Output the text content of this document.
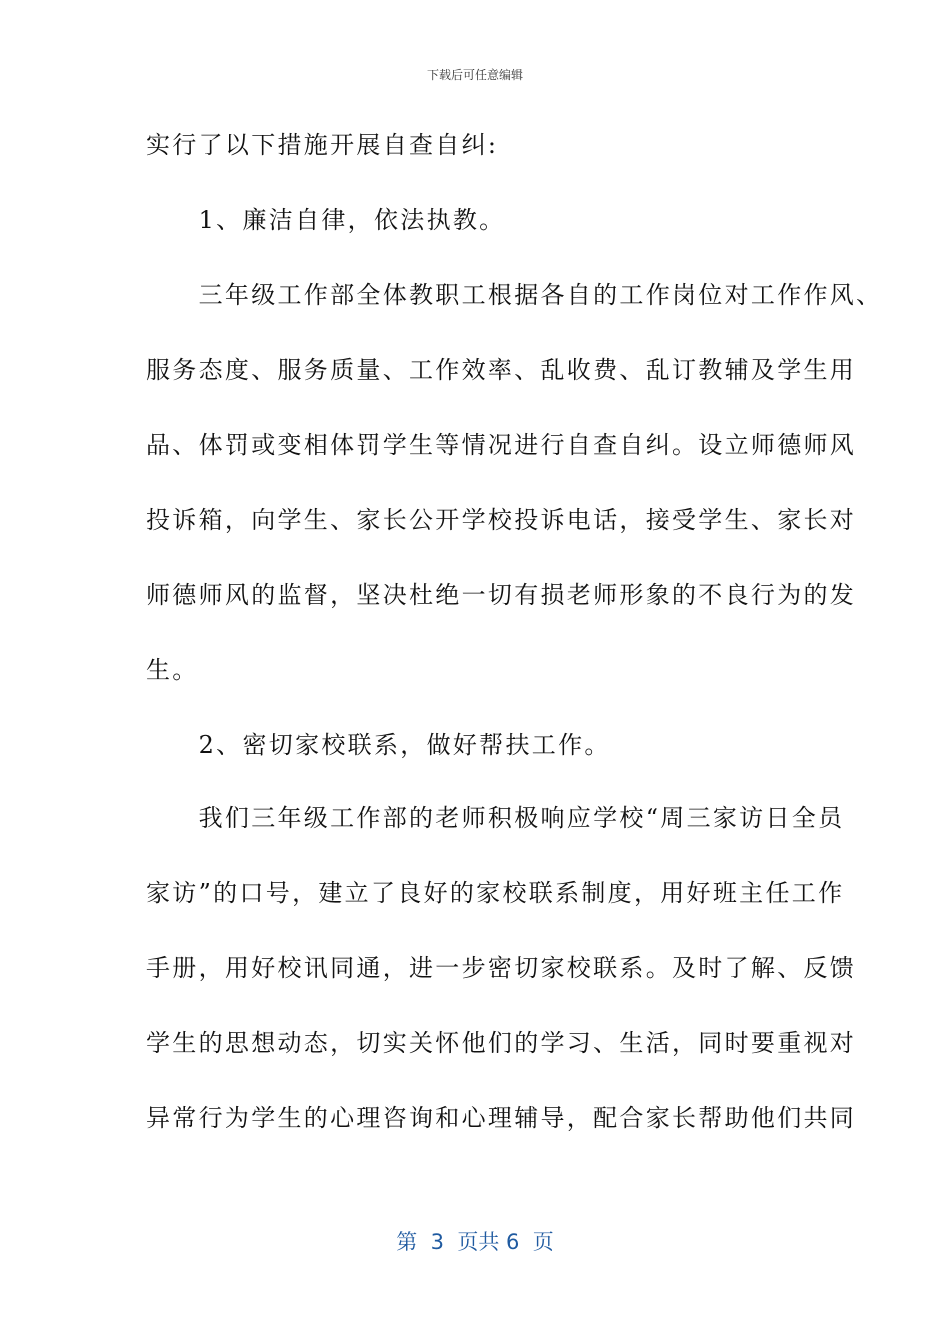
下载后可任意编辑
实行了以下措施开展自查自纠:
　　1、廉洁自律，依法执教。
　　三年级工作部全体教职工根据各自的工作岗位对工作作风、
服务态度、服务质量、工作效率、乱收费、乱订教辅及学生用
品、体罚或变相体罚学生等情况进行自查自纠。设立师德师风
投诉箱，向学生、家长公开学校投诉电话，接受学生、家长对
师德师风的监督，坚决杜绝一切有损老师形象的不良行为的发
生。
　　2、密切家校联系，做好帮扶工作。
　　我们三年级工作部的老师积极响应学校“周三家访日全员
家访”的口号，建立了良好的家校联系制度，用好班主任工作
手册，用好校讯同通，进一步密切家校联系。及时了解、反馈
学生的思想动态，切实关怀他们的学习、生活，同时要重视对
异常行为学生的心理咨询和心理辅导，配合家长帮助他们共同
第  3  页共 6  页
